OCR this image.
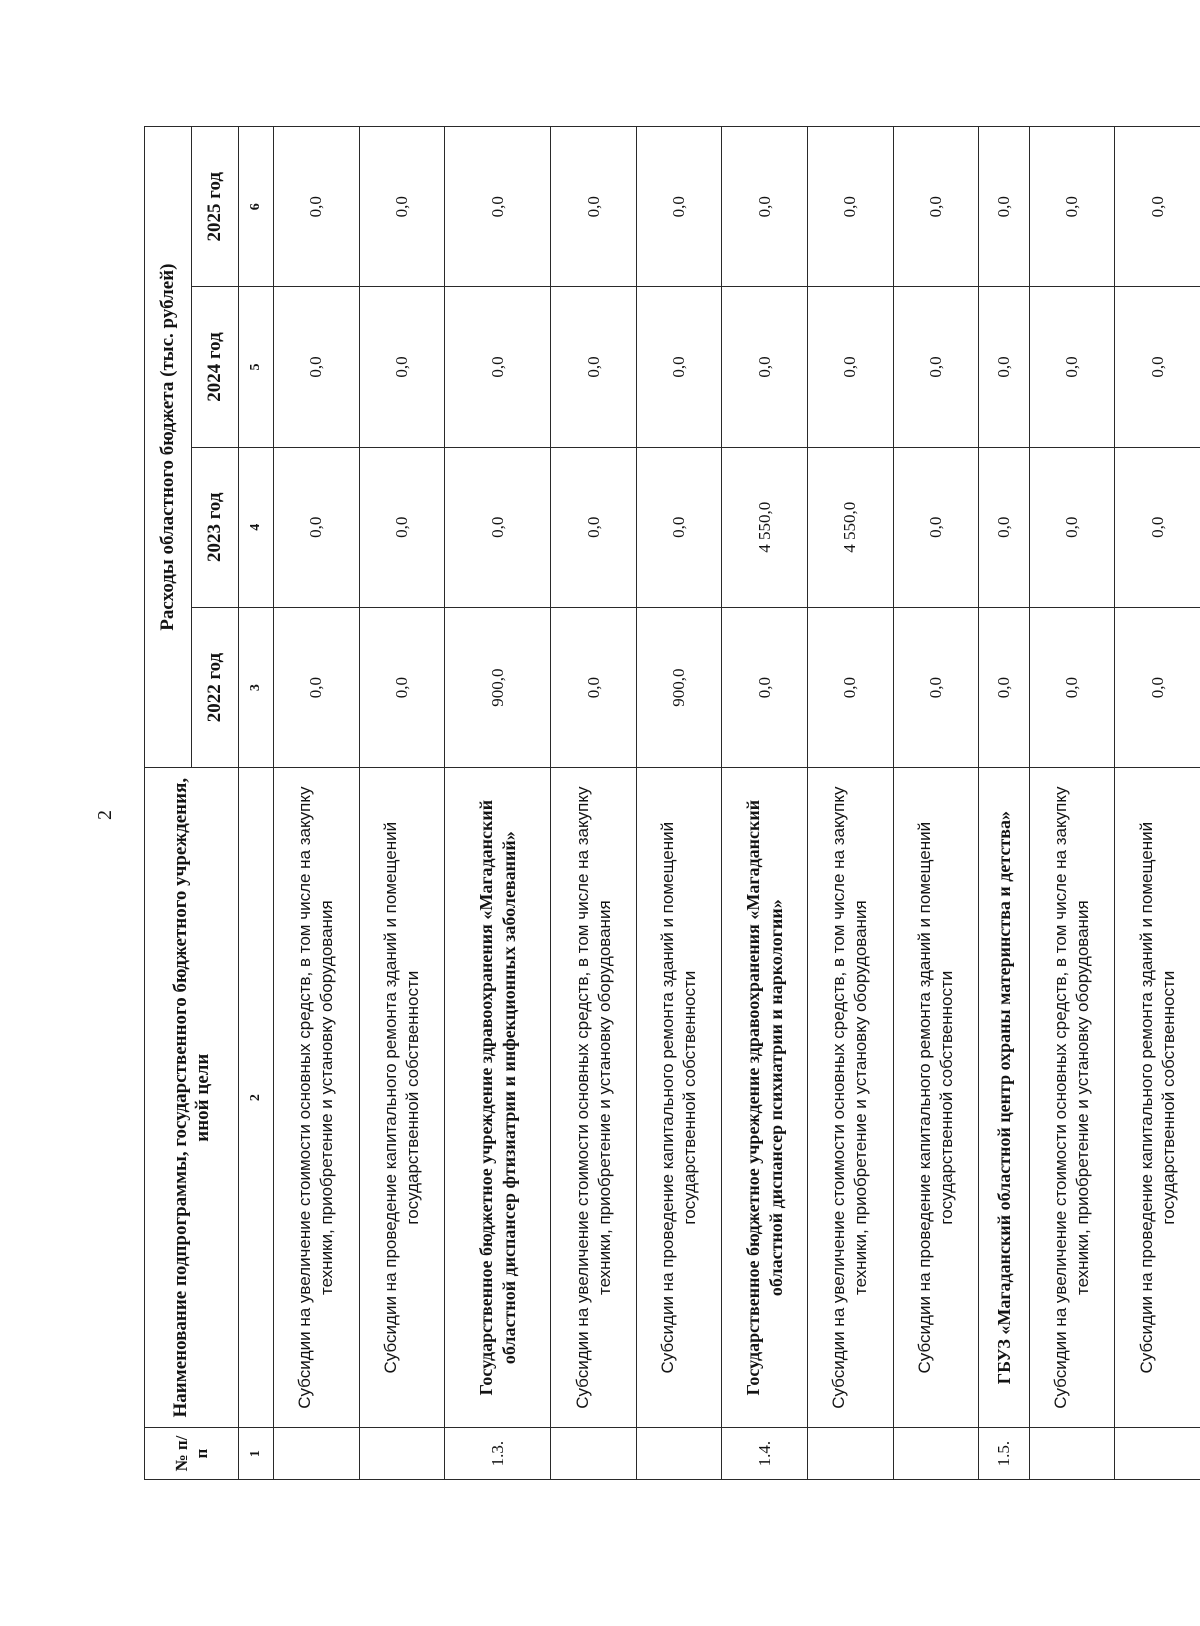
2
№ п/п	Наименование подпрограммы, государственного бюджетного учреждения, иной цели	Расходы областного бюджета (тыс. рублей)			
		2022 год	2023 год	2024 год	2025 год
1	2	3	4	5	6
	Субсидии на увеличение стоимости основных средств, в том числе на закупку техники, приобретение и установку оборудования	0,0	0,0	0,0	0,0
	Субсидии на проведение капитального ремонта зданий и помещений государственной собственности	0,0	0,0	0,0	0,0
1.3.	Государственное бюджетное учреждение здравоохранения «Магаданский областной диспансер фтизиатрии и инфекционных заболеваний»	900,0	0,0	0,0	0,0
	Субсидии на увеличение стоимости основных средств, в том числе на закупку техники, приобретение и установку оборудования	0,0	0,0	0,0	0,0
	Субсидии на проведение капитального ремонта зданий и помещений государственной собственности	900,0	0,0	0,0	0,0
1.4.	Государственное бюджетное учреждение здравоохранения «Магаданский областной диспансер психиатрии и наркологии»	0,0	4 550,0	0,0	0,0
	Субсидии на увеличение стоимости основных средств, в том числе на закупку техники, приобретение и установку оборудования	0,0	4 550,0	0,0	0,0
	Субсидии на проведение капитального ремонта зданий и помещений государственной собственности	0,0	0,0	0,0	0,0
1.5.	ГБУЗ «Магаданский областной центр охраны материнства и детства»	0,0	0,0	0,0	0,0
	Субсидии на увеличение стоимости основных средств, в том числе на закупку техники, приобретение и установку оборудования	0,0	0,0	0,0	0,0
	Субсидии на проведение капитального ремонта зданий и помещений государственной собственности	0,0	0,0	0,0	0,0
